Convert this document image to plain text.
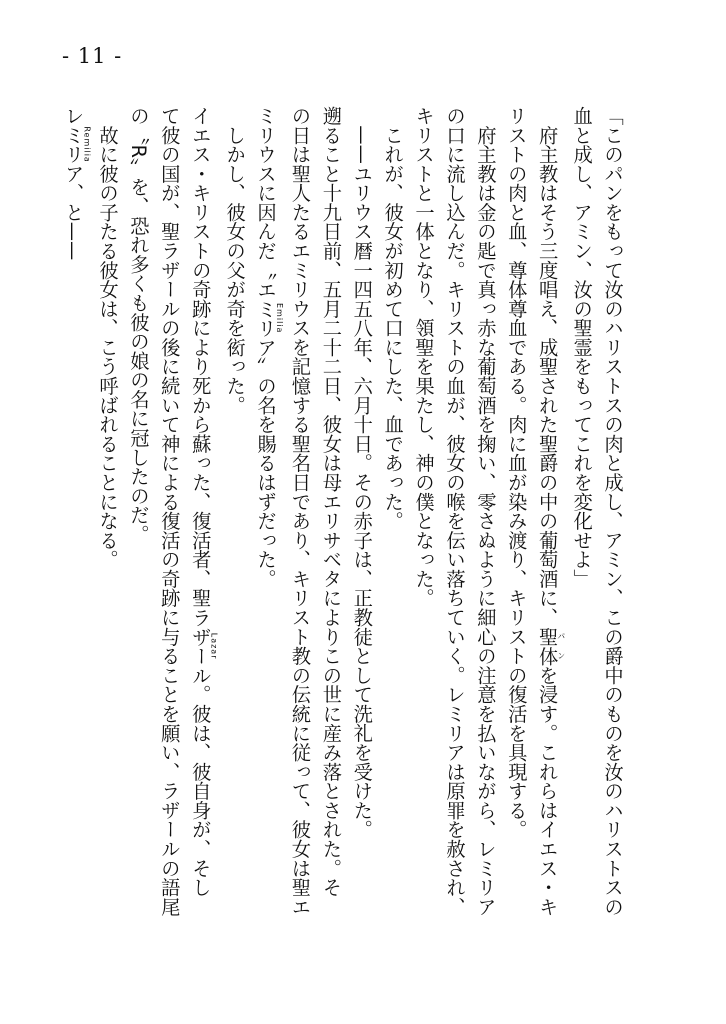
- 11 -
「このパンをもって汝のハリストスの肉と成し、アミン、この爵中のものを汝のハリストスの
血と成し、アミン、汝の聖霊をもってこれを変化せよ」
　府主教はそう三度唱え、成聖された聖爵の中の葡萄酒に、聖体パンを浸す。これらはイエス・キ
リストの肉と血、尊体尊血である。肉に血が染み渡り、キリストの復活を具現する。
　府主教は金の匙で真っ赤な葡萄酒を掬い、零さぬように細心の注意を払いながら、レミリア
の口に流し込んだ。キリストの血が、彼女の喉を伝い落ちていく。レミリアは原罪を赦され、
キリストと一体となり、領聖を果たし、神の僕となった。
　これが、彼女が初めて口にした、血であった。
　——ユリウス暦一四五八年、六月十日。その赤子は、正教徒として洗礼を受けた。
遡ること十九日前、五月二十二日、彼女は母エリサベタによりこの世に産み落とされた。そ
の日は聖人たるエミリウスを記憶する聖名日であり、キリスト教の伝統に従って、彼女は聖エ
ミリウスに因んだ〝エミリアEmilia〟の名を賜るはずだった。
　しかし、彼女の父が奇を衒った。
イエス・キリストの奇跡により死から蘇った、復活者、聖ラザールLazar。彼は、彼自身が、そし
て彼の国が、聖ラザールの後に続いて神による復活の奇跡に与ることを願い、ラザールの語尾
の〝R〟を、恐れ多くも彼の娘の名に冠したのだ。
　故に彼の子たる彼女は、こう呼ばれることになる。
レミリアRemilia、と——
